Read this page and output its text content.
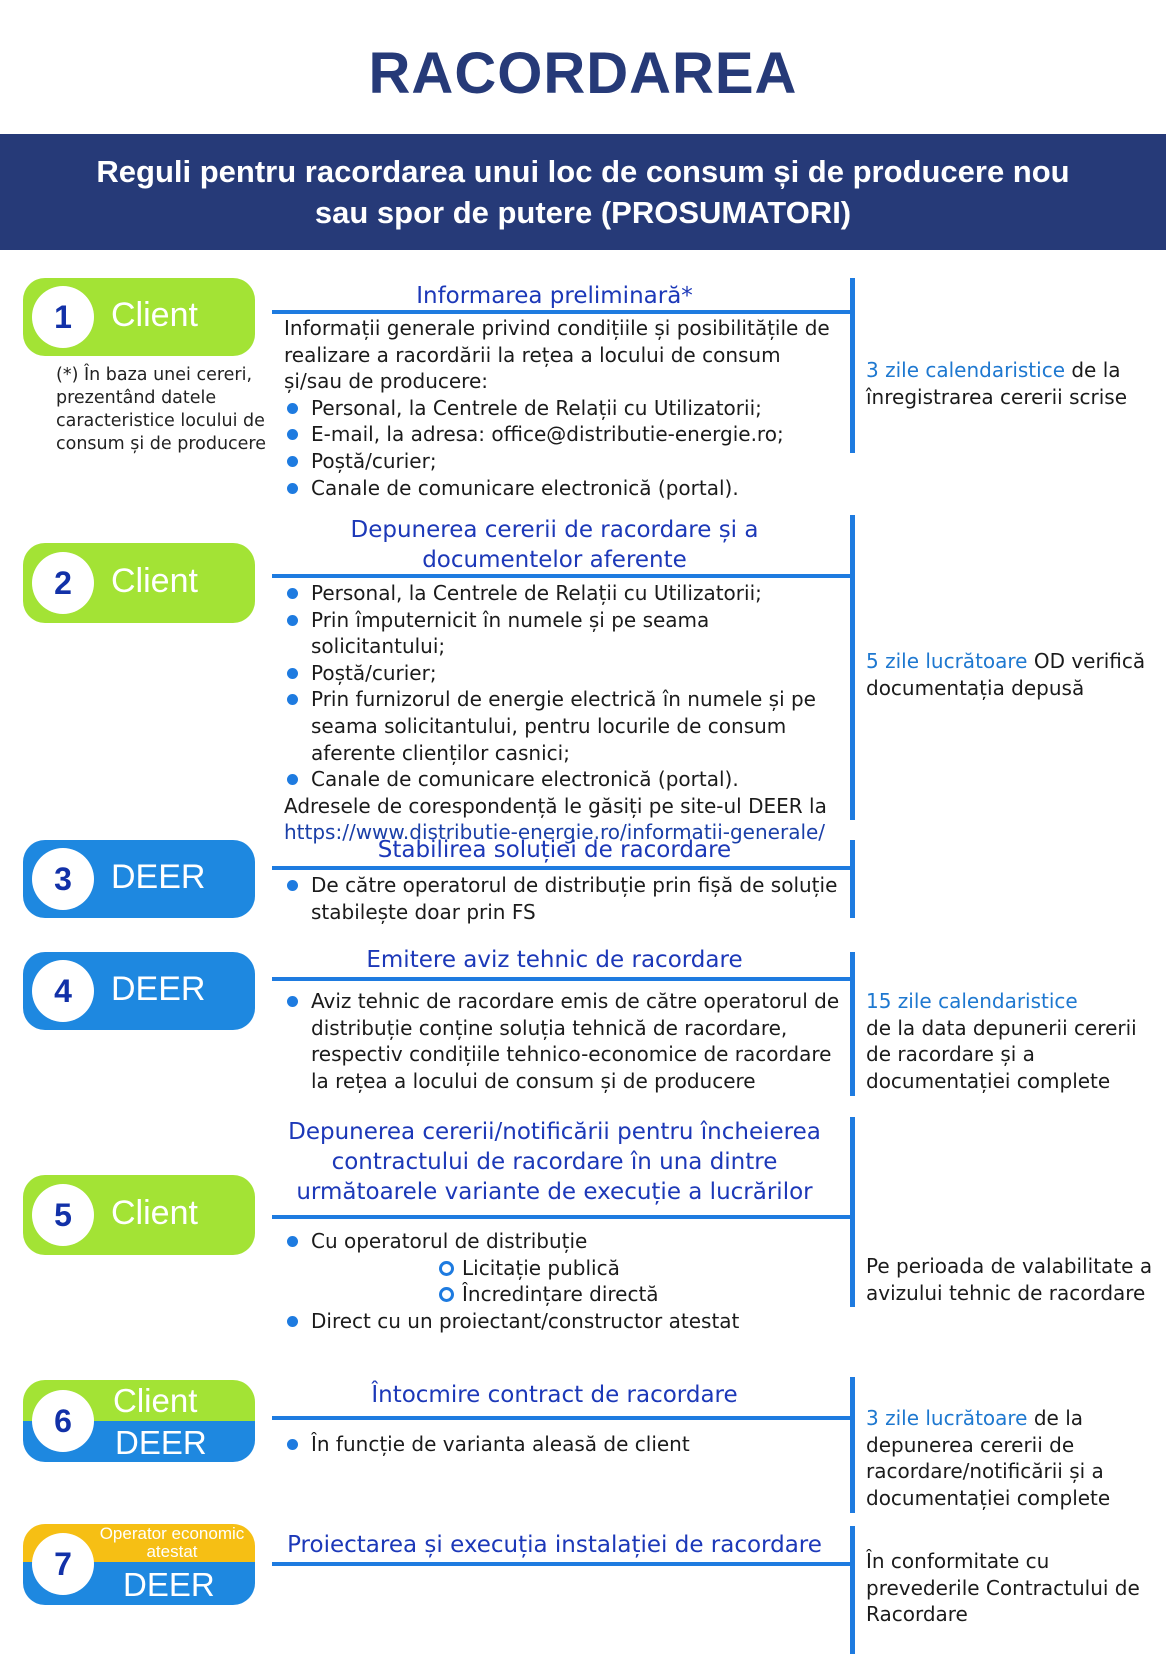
RACORDAREA
Reguli pentru racordarea unui loc de consum și de producere nou
sau spor de putere (PROSUMATORI)
1	Client
(*) În baza unei cereri, prezentând datele caracteristice locului de consum și de producere
Informarea preliminară*
Informații generale privind condițiile și posibilitățile de realizare a racordării la rețea a locului de consum și/sau de producere:
Personal, la Centrele de Relații cu Utilizatorii;
E-mail, la adresa: office@distributie-energie.ro;
Poștă/curier;
Canale de comunicare electronică (portal).
3 zile calendaristice de la înregistrarea cererii scrise
2	Client
Depunerea cererii de racordare și a
documentelor aferente
Personal, la Centrele de Relații cu Utilizatorii;
Prin împuternicit în numele și pe seama solicitantului;
Poștă/curier;
Prin furnizorul de energie electrică în numele și pe seama solicitantului, pentru locurile de consum aferente clienților casnici;
Canale de comunicare electronică (portal).
Adresele de corespondență le găsiți pe site-ul DEER la
https://www.distributie-energie.ro/informatii-generale/
5 zile lucrătoare OD verifică documentația depusă
3	DEER
Stabilirea soluției de racordare
De către operatorul de distribuție prin fișă de soluție stabilește doar prin FS
4	DEER
Emitere aviz tehnic de racordare
Aviz tehnic de racordare emis de către operatorul de distribuție conține soluția tehnică de racordare, respectiv condițiile tehnico-economice de racordare la rețea a locului de consum și de producere
15 zile calendaristice
de la data depunerii cererii de racordare și a documentației complete
5	Client
Depunerea cererii/notificării pentru încheierea
contractului de racordare în una dintre
următoarele variante de execuție a lucrărilor
Cu operatorul de distribuție
Licitație publică
Încredințare directă
Direct cu un proiectant/constructor atestat
Pe perioada de valabilitate a avizului tehnic de racordare
6
Client
DEER
Întocmire contract de racordare
În funcție de varianta aleasă de client
3 zile lucrătoare de la depunerea cererii de racordare/notificării și a documentației complete
7
Operator economic
atestat
DEER
Proiectarea și execuția instalației de racordare
În conformitate cu prevederile Contractului de Racordare
